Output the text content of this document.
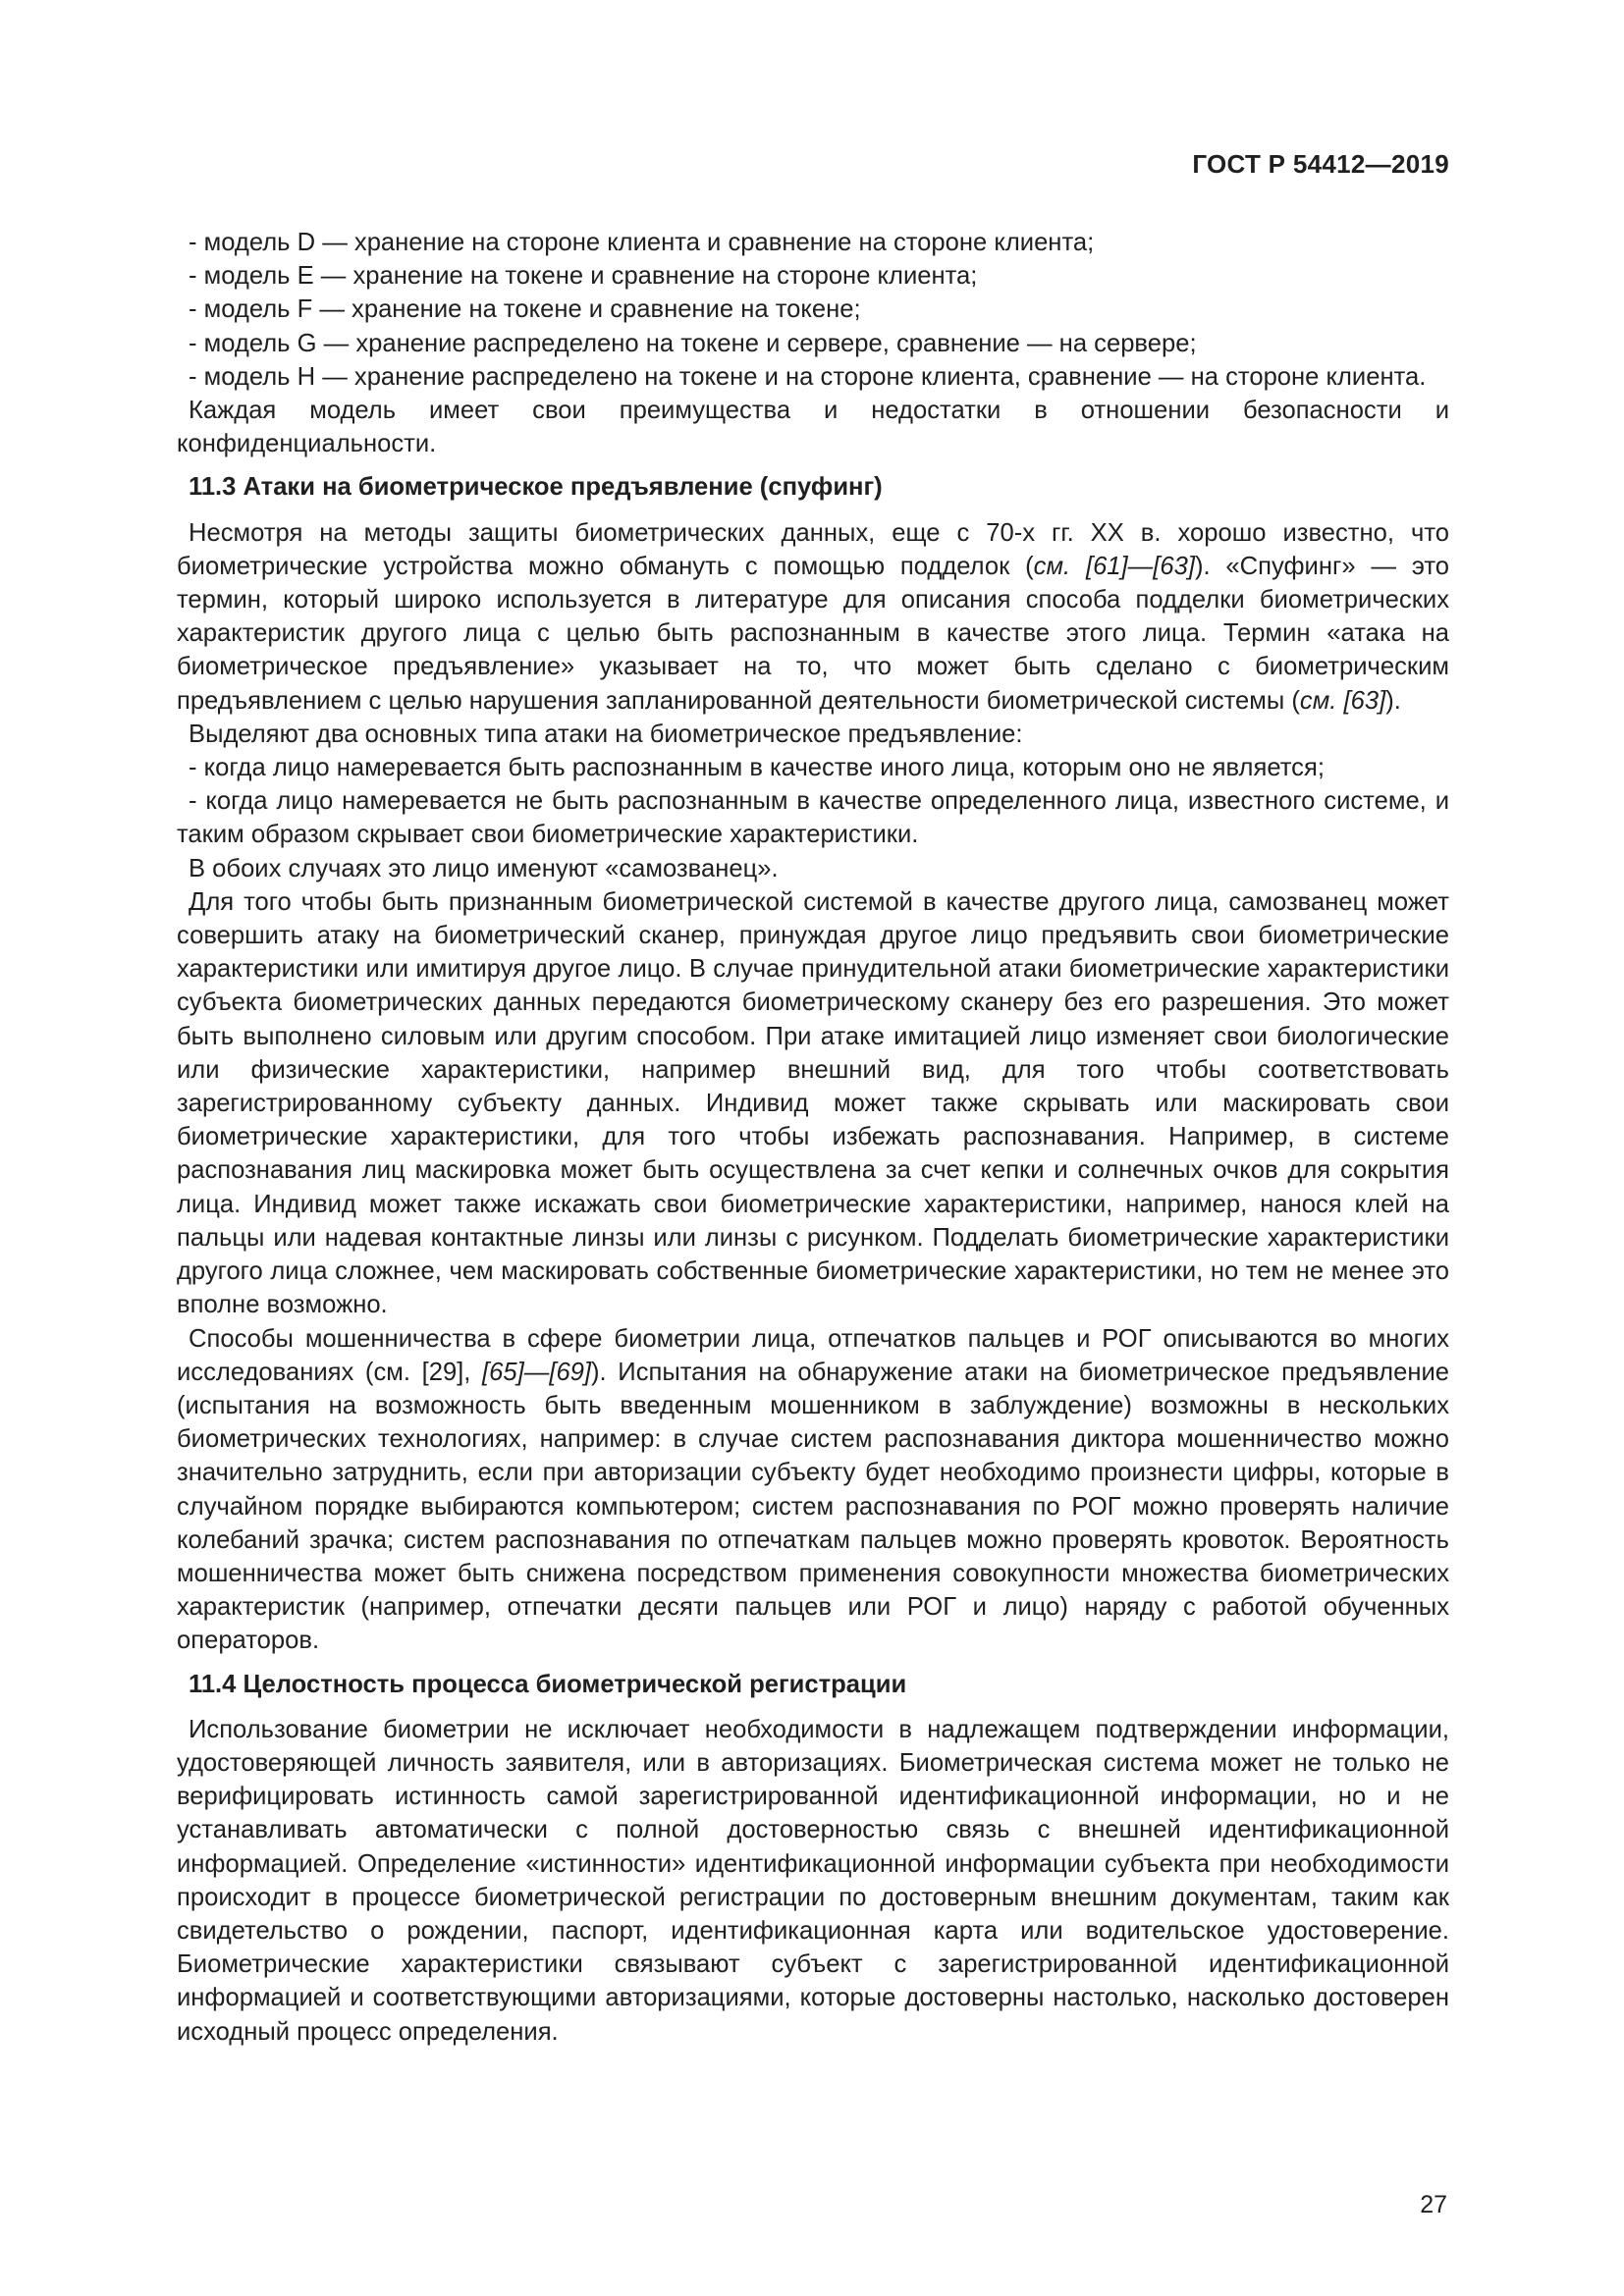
ГОСТ Р 54412—2019

- модель D — хранение на стороне клиента и сравнение на стороне клиента;

- модель E — хранение на токене и сравнение на стороне клиента;

- модель F — хранение на токене и сравнение на токене;

- модель G — хранение распределено на токене и сервере, сравнение — на сервере;

- модель H — хранение распределено на токене и на стороне клиента, сравнение — на стороне клиента.

Каждая модель имеет свои преимущества и недостатки в отношении безопасности и конфиденциальности.

11.3 Атаки на биометрическое предъявление (спуфинг)

Несмотря на методы защиты биометрических данных, еще с 70-х гг. XX в. хорошо известно, что биометрические устройства можно обмануть с помощью подделок (см. [61]—[63]). «Спуфинг» — это термин, который широко используется в литературе для описания способа подделки биометрических характеристик другого лица с целью быть распознанным в качестве этого лица. Термин «атака на биометрическое предъявление» указывает на то, что может быть сделано с биометрическим предъявлением с целью нарушения запланированной деятельности биометрической системы (см. [63]).

Выделяют два основных типа атаки на биометрическое предъявление:

- когда лицо намеревается быть распознанным в качестве иного лица, которым оно не является;

- когда лицо намеревается не быть распознанным в качестве определенного лица, известного системе, и таким образом скрывает свои биометрические характеристики.

В обоих случаях это лицо именуют «самозванец».

Для того чтобы быть признанным биометрической системой в качестве другого лица, самозванец может совершить атаку на биометрический сканер, принуждая другое лицо предъявить свои биометрические характеристики или имитируя другое лицо. В случае принудительной атаки биометрические характеристики субъекта биометрических данных передаются биометрическому сканеру без его разрешения. Это может быть выполнено силовым или другим способом. При атаке имитацией лицо изменяет свои биологические или физические характеристики, например внешний вид, для того чтобы соответствовать зарегистрированному субъекту данных. Индивид может также скрывать или маскировать свои биометрические характеристики, для того чтобы избежать распознавания. Например, в системе распознавания лиц маскировка может быть осуществлена за счет кепки и солнечных очков для сокрытия лица. Индивид может также искажать свои биометрические характеристики, например, нанося клей на пальцы или надевая контактные линзы или линзы с рисунком. Подделать биометрические характеристики другого лица сложнее, чем маскировать собственные биометрические характеристики, но тем не менее это вполне возможно.

Способы мошенничества в сфере биометрии лица, отпечатков пальцев и РОГ описываются во многих исследованиях (см. [29], [65]—[69]). Испытания на обнаружение атаки на биометрическое предъявление (испытания на возможность быть введенным мошенником в заблуждение) возможны в нескольких биометрических технологиях, например: в случае систем распознавания диктора мошенничество можно значительно затруднить, если при авторизации субъекту будет необходимо произнести цифры, которые в случайном порядке выбираются компьютером; систем распознавания по РОГ можно проверять наличие колебаний зрачка; систем распознавания по отпечаткам пальцев можно проверять кровоток. Вероятность мошенничества может быть снижена посредством применения совокупности множества биометрических характеристик (например, отпечатки десяти пальцев или РОГ и лицо) наряду с работой обученных операторов.

11.4 Целостность процесса биометрической регистрации

Использование биометрии не исключает необходимости в надлежащем подтверждении информации, удостоверяющей личность заявителя, или в авторизациях. Биометрическая система может не только не верифицировать истинность самой зарегистрированной идентификационной информации, но и не устанавливать автоматически с полной достоверностью связь с внешней идентификационной информацией. Определение «истинности» идентификационной информации субъекта при необходимости происходит в процессе биометрической регистрации по достоверным внешним документам, таким как свидетельство о рождении, паспорт, идентификационная карта или водительское удостоверение. Биометрические характеристики связывают субъект с зарегистрированной идентификационной информацией и соответствующими авторизациями, которые достоверны настолько, насколько достоверен исходный процесс определения.

27
